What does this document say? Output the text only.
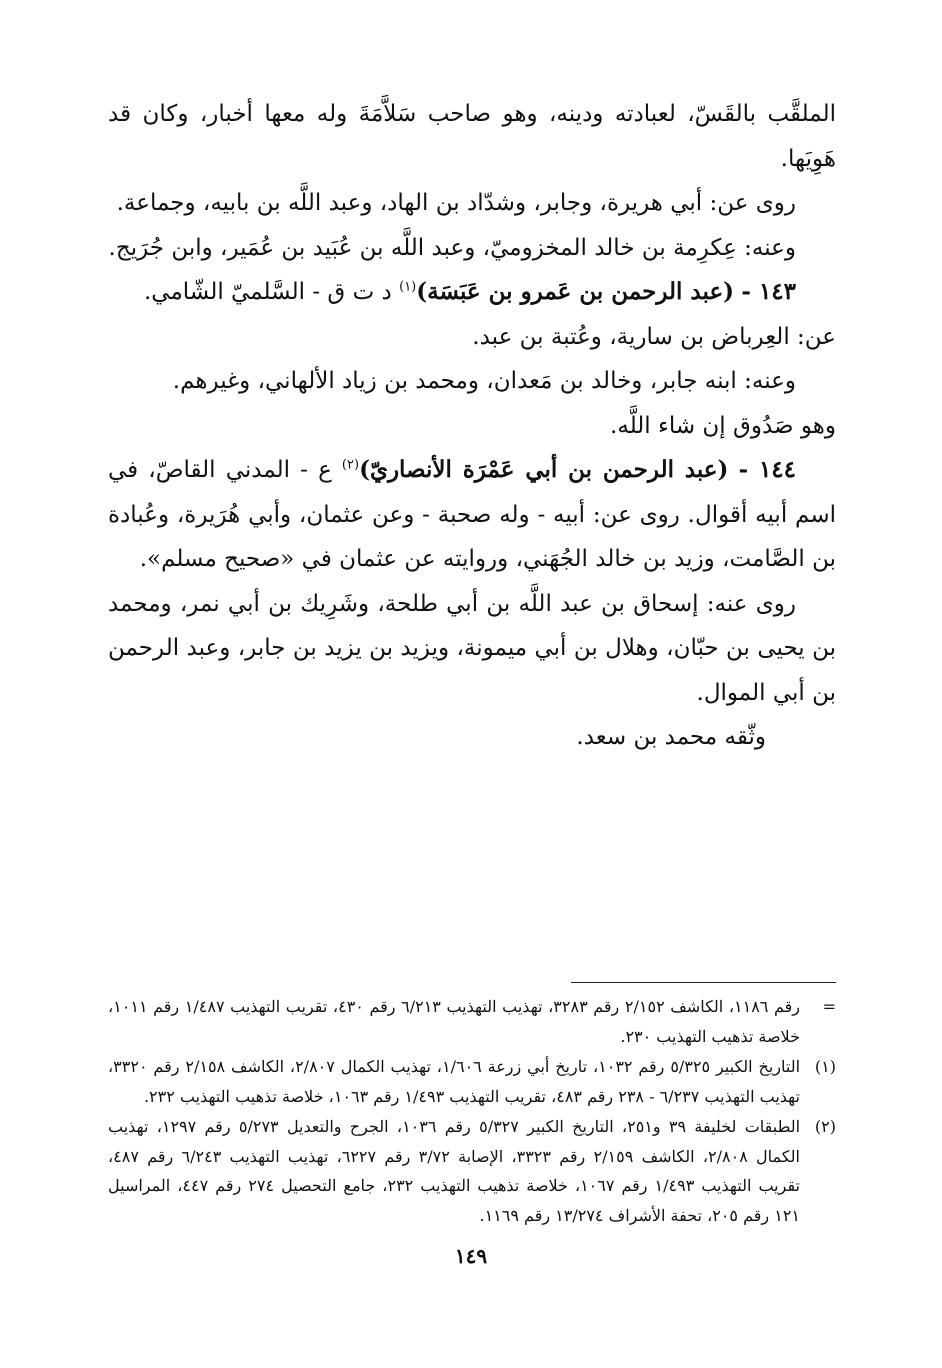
الملقَّب بالقَسّ، لعبادته ودينه، وهو صاحب سَلاَّمَةَ وله معها أخبار، وكان قد هَوِيَها.

روى عن: أبي هريرة، وجابر، وشدّاد بن الهاد، وعبد اللَّه بن بابيه، وجماعة.

وعنه: عِكرِمة بن خالد المخزوميّ، وعبد اللَّه بن عُبَيد بن عُمَير، وابن جُرَيج.

١٤٣ - (عبد الرحمن بن عَمرو بن عَبَسَة)$^{(١)}$ د ت ق - السَّلميّ الشّامي.

عن: العِرباض بن سارية، وعُتبة بن عبد.

وعنه: ابنه جابر، وخالد بن مَعدان، ومحمد بن زياد الألهاني، وغيرهم.

وهو صَدُوق إن شاء اللَّه.

١٤٤ - (عبد الرحمن بن أبي عَمْرَة الأنصاريّ)$^{(٢)}$ ع - المدني القاصّ، في اسم أبيه أقوال. روى عن: أبيه - وله صحبة - وعن عثمان، وأبي هُرَيرة، وعُبادة بن الصَّامت، وزيد بن خالد الجُهَني، وروايته عن عثمان في «صحيح مسلم».

روى عنه: إسحاق بن عبد اللَّه بن أبي طلحة، وشَرِيك بن أبي نمر، ومحمد بن يحيى بن حبّان، وهلال بن أبي ميمونة، ويزيد بن يزيد بن جابر، وعبد الرحمن بن أبي الموال.

وثّقه محمد بن سعد.

=
رقم ١١٨٦، الكاشف ٢/١٥٢ رقم ٣٢٨٣، تهذيب التهذيب ٦/٢١٣ رقم ٤٣٠، تقريب التهذيب ١/٤٨٧ رقم ١٠١١، خلاصة تذهيب التهذيب ٢٣٠.
(١)
التاريخ الكبير ٥/٣٢٥ رقم ١٠٣٢، تاريخ أبي زرعة ١/٦٠٦، تهذيب الكمال ٢/٨٠٧، الكاشف ٢/١٥٨ رقم ٣٣٢٠، تهذيب التهذيب ٦/٢٣٧ - ٢٣٨ رقم ٤٨٣، تقريب التهذيب ١/٤٩٣ رقم ١٠٦٣، خلاصة تذهيب التهذيب ٢٣٢.
(٢)
الطبقات لخليفة ٣٩ و٢٥١، التاريخ الكبير ٥/٣٢٧ رقم ١٠٣٦، الجرح والتعديل ٥/٢٧٣ رقم ١٢٩٧، تهذيب الكمال ٢/٨٠٨، الكاشف ٢/١٥٩ رقم ٣٣٢٣، الإصابة ٣/٧٢ رقم ٦٢٢٧، تهذيب التهذيب ٦/٢٤٣ رقم ٤٨٧، تقريب التهذيب ١/٤٩٣ رقم ١٠٦٧، خلاصة تذهيب التهذيب ٢٣٢، جامع التحصيل ٢٧٤ رقم ٤٤٧، المراسيل ١٢١ رقم ٢٠٥، تحفة الأشراف ١٣/٢٧٤ رقم ١١٦٩.
١٤٩
